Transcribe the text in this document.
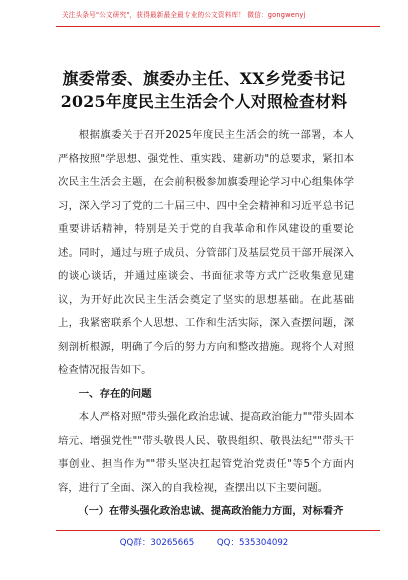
关注头条号"公文研究"，获得最新最全最专业的公文资料库！ 微信：gongwenyj
旗委常委、旗委办主任、XX乡党委书记
2025年度民主生活会个人对照检查材料

根据旗委关于召开2025年度民主生活会的统一部署，本人严格按照"学思想、强党性、重实践、建新功"的总要求，紧扣本次民主生活会主题，在会前积极参加旗委理论学习中心组集体学习，深入学习了党的二十届三中、四中全会精神和习近平总书记重要讲话精神，特别是关于党的自我革命和作风建设的重要论述。同时，通过与班子成员、分管部门及基层党员干部开展深入的谈心谈话，并通过座谈会、书面征求等方式广泛收集意见建议，为开好此次民主生活会奠定了坚实的思想基础。在此基础上，我紧密联系个人思想、工作和生活实际，深入查摆问题，深刻剖析根源，明确了今后的努力方向和整改措施。现将个人对照检查情况报告如下。

一、存在的问题

本人严格对照"带头强化政治忠诚、提高政治能力""带头固本培元、增强党性""带头敬畏人民、敬畏组织、敬畏法纪""带头干事创业、担当作为""带头坚决扛起管党治党责任"等5个方面内容，进行了全面、深入的自我检视，查摆出以下主要问题。

（一）在带头强化政治忠诚、提高政治能力方面，对标看齐

QQ群：30265665	QQ：535304092
